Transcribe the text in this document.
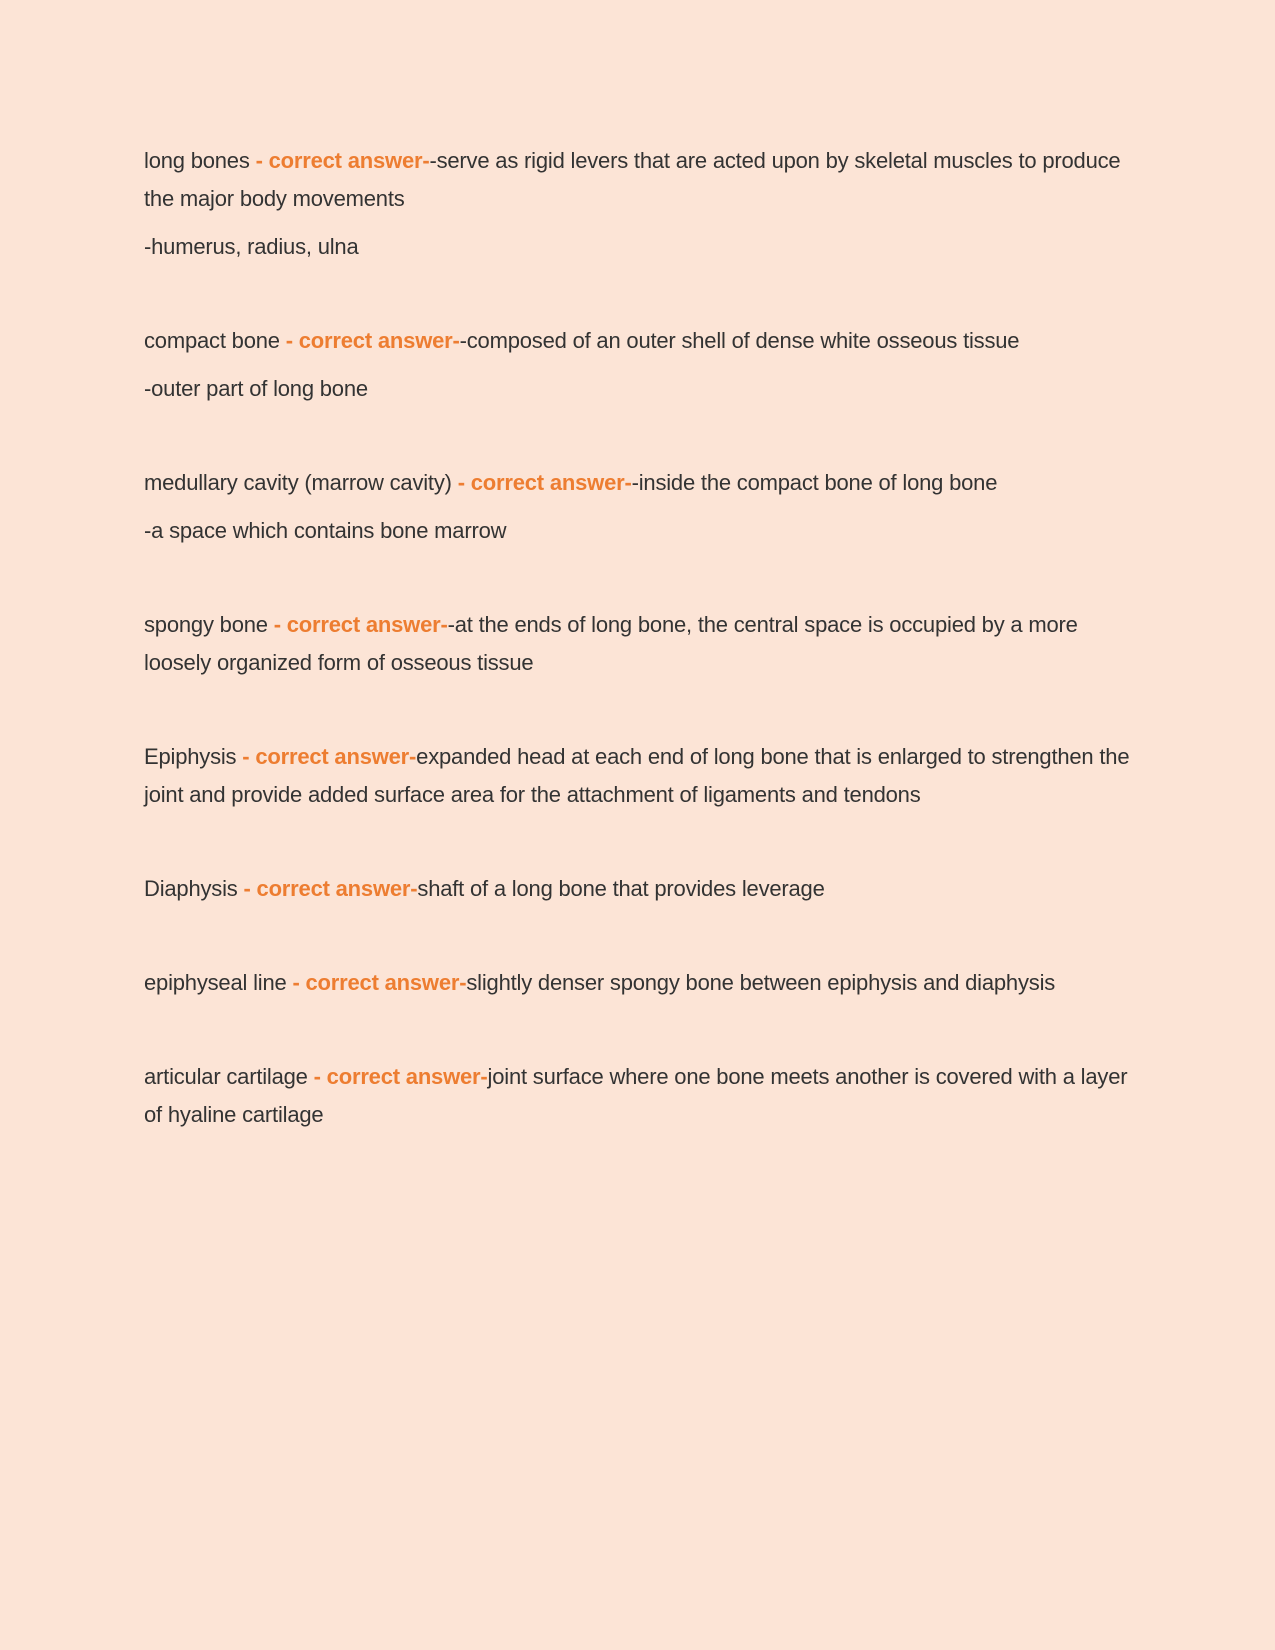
long bones - correct answer--serve as rigid levers that are acted upon by skeletal muscles to produce the major body movements

-humerus, radius, ulna

compact bone - correct answer--composed of an outer shell of dense white osseous tissue

-outer part of long bone

medullary cavity (marrow cavity) - correct answer--inside the compact bone of long bone

-a space which contains bone marrow

spongy bone - correct answer--at the ends of long bone, the central space is occupied by a more loosely organized form of osseous tissue

Epiphysis - correct answer-expanded head at each end of long bone that is enlarged to strengthen the joint and provide added surface area for the attachment of ligaments and tendons

Diaphysis - correct answer-shaft of a long bone that provides leverage

epiphyseal line - correct answer-slightly denser spongy bone between epiphysis and diaphysis

articular cartilage - correct answer-joint surface where one bone meets another is covered with a layer of hyaline cartilage
